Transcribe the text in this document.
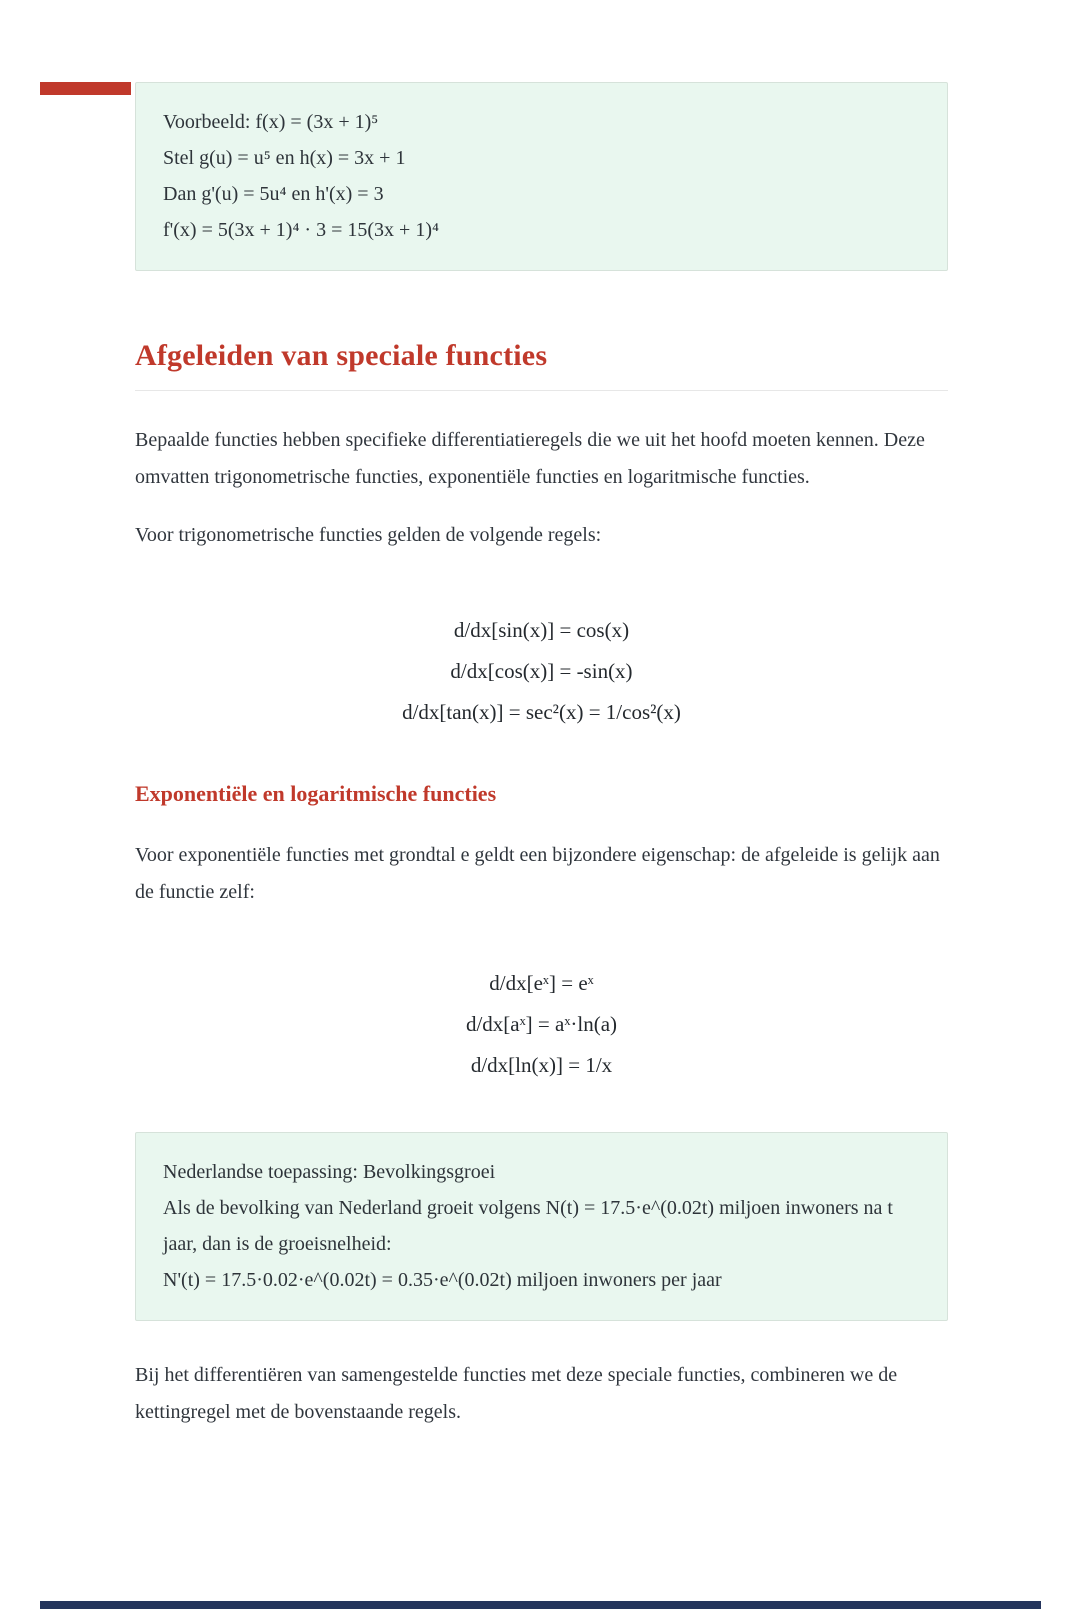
Voorbeeld: f(x) = (3x + 1)⁵
Stel g(u) = u⁵ en h(x) = 3x + 1
Dan g'(u) = 5u⁴ en h'(x) = 3
f'(x) = 5(3x + 1)⁴ · 3 = 15(3x + 1)⁴
Afgeleiden van speciale functies

Bepaalde functies hebben specifieke differentiatieregels die we uit het hoofd moeten kennen. Deze omvatten trigonometrische functies, exponentiële functies en logaritmische functies.

Voor trigonometrische functies gelden de volgende regels:

d/dx[sin(x)] = cos(x)
d/dx[cos(x)] = -sin(x)
d/dx[tan(x)] = sec²(x) = 1/cos²(x)
Exponentiële en logaritmische functies

Voor exponentiële functies met grondtal e geldt een bijzondere eigenschap: de afgeleide is gelijk aan de functie zelf:

d/dx[eˣ] = eˣ
d/dx[aˣ] = aˣ·ln(a)
d/dx[ln(x)] = 1/x
Nederlandse toepassing: Bevolkingsgroei
Als de bevolking van Nederland groeit volgens N(t) = 17.5·e^(0.02t) miljoen inwoners na t jaar, dan is de groeisnelheid:
N'(t) = 17.5·0.02·e^(0.02t) = 0.35·e^(0.02t) miljoen inwoners per jaar

Bij het differentiëren van samengestelde functies met deze speciale functies, combineren we de kettingregel met de bovenstaande regels.
